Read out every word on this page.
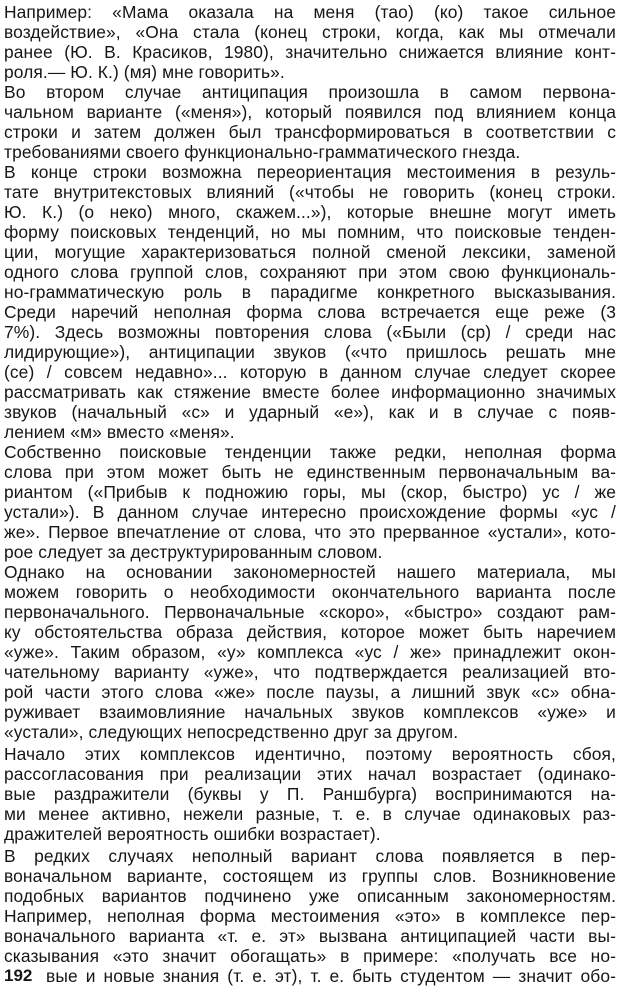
Например: «Мама оказала на меня (тао) (ко) такое сильное
воздействие», «Она стала (конец строки, когда, как мы отмечали
ранее (Ю. В. Красиков, 1980), значительно снижается влияние конт-
роля.— Ю. К.) (мя) мне говорить».
Во втором случае антиципация произошла в самом первона-
чальном варианте («меня»), который появился под влиянием конца
строки и затем должен был трансформироваться в соответствии с
требованиями своего функционально-грамматического гнезда.
В конце строки возможна переориентация местоимения в резуль-
тате внутритекстовых влияний («чтобы не говорить (конец строки.
Ю. К.) (о неко) много, скажем...»), которые внешне могут иметь
форму поисковых тенденций, но мы помним, что поисковые тенден-
ции, могущие характеризоваться полной сменой лексики, заменой
одного слова группой слов, сохраняют при этом свою функциональ-
но-грамматическую роль в парадигме конкретного высказывания.
Среди наречий неполная форма слова встречается еще реже (3
7%). Здесь возможны повторения слова («Были (ср) / среди нас
лидирующие»), антиципации звуков («что пришлось решать мне
(се) / совсем недавно»... которую в данном случае следует скорее
рассматривать как стяжение вместе более информационно значимых
звуков (начальный «с» и ударный «е»), как и в случае с появ-
лением «м» вместо «меня».
Собственно поисковые тенденции также редки, неполная форма
слова при этом может быть не единственным первоначальным ва-
риантом («Прибыв к подножию горы, мы (скор, быстро) ус / же
устали»). В данном случае интересно происхождение формы «ус /
же». Первое впечатление от слова, что это прерванное «устали», кото-
рое следует за деструктурированным словом.
Однако на основании закономерностей нашего материала, мы
можем говорить о необходимости окончательного варианта после
первоначального. Первоначальные «скоро», «быстро» создают рам-
ку обстоятельства образа действия, которое может быть наречием
«уже». Таким образом, «у» комплекса «ус / же» принадлежит окон-
чательному варианту «уже», что подтверждается реализацией вто-
рой части этого слова «же» после паузы, а лишний звук «с» обна-
руживает взаимовлияние начальных звуков комплексов «уже» и
«устали», следующих непосредственно друг за другом.
Начало этих комплексов идентично, поэтому вероятность сбоя,
рассогласования при реализации этих начал возрастает (одинако-
вые раздражители (буквы у П. Раншбурга) воспринимаются на-
ми менее активно, нежели разные, т. е. в случае одинаковых раз-
дражителей вероятность ошибки возрастает).
В редких случаях неполный вариант слова появляется в пер-
воначальном варианте, состоящем из группы слов. Возникновение
подобных вариантов подчинено уже описанным закономерностям.
Например, неполная форма местоимения «это» в комплексе пер-
воначального варианта «т. е. эт» вызвана антиципацией части вы-
сказывания «это значит обогащать» в примере: «получать все но-
вые и новые знания (т. е. эт), т. е. быть студентом — значит обо-
192
